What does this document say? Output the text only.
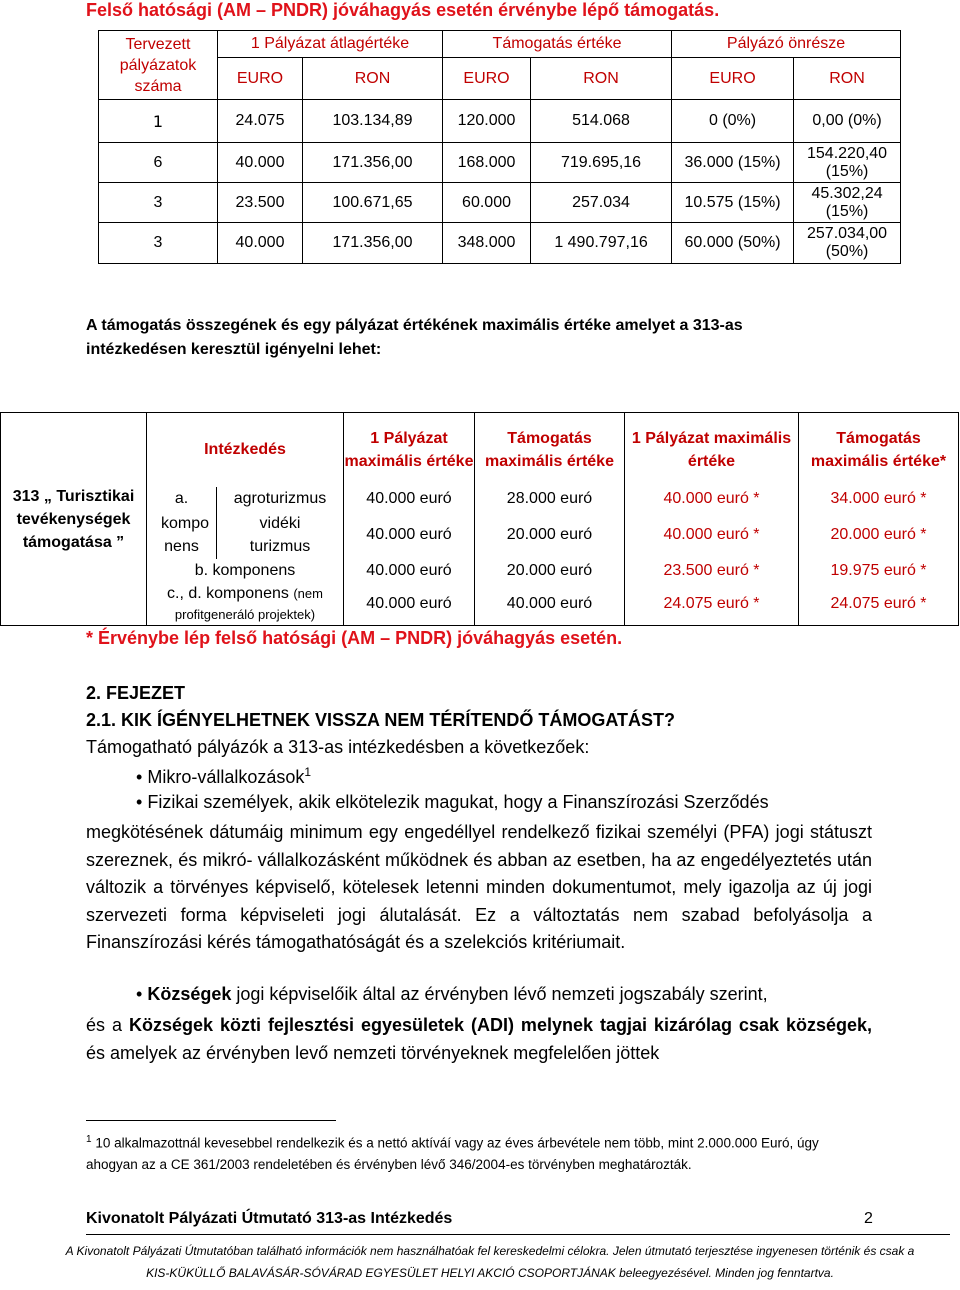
Felső hatósági (AM – PNDR) jóváhagyás esetén érvénybe lépő támogatás.
Tervezett pályázatok száma	1 Pályázat átlagértéke		Támogatás értéke		Pályázó önrésze	
	EURO	RON	EURO	RON	EURO	RON
1	24.075	103.134,89	120.000	514.068	0 (0%)	0,00 (0%)
6	40.000	171.356,00	168.000	719.695,16	36.000 (15%)	154.220,40 (15%)
3	23.500	100.671,65	60.000	257.034	10.575 (15%)	45.302,24 (15%)
3	40.000	171.356,00	348.000	1 490.797,16	60.000 (50%)	257.034,00 (50%)
A támogatás összegének és egy pályázat értékének maximális értéke amelyet a 313-as intézkedésen keresztül igényelni lehet:
313 „ Turisztikai tevékenységek támogatása ”	Intézkedés		1 Pályázat maximális értéke	Támogatás maximális értéke	1 Pályázat maximális értéke	Támogatás maximális értéke*
	a.	agroturizmus	40.000 euró	28.000 euró	40.000 euró *	34.000 euró *
	kompo nens	vidéki turizmus	40.000 euró	20.000 euró	40.000 euró *	20.000 euró *
	b. komponens		40.000 euró	20.000 euró	23.500 euró *	19.975 euró *
	c., d. komponens (nem profitgeneráló projektek)		40.000 euró	40.000 euró	24.075 euró *	24.075 euró *

* Érvénybe lép felső hatósági (AM – PNDR) jóváhagyás esetén.
2. FEJEZET
2.1. KIK ÍGÉNYELHETNEK VISSZA NEM TÉRÍTENDŐ TÁMOGATÁST?
Támogatható pályázók a 313-as intézkedésben a következőek:
• Mikro-vállalkozások$^1$
• Fizikai személyek, akik elkötelezik magukat, hogy a Finanszírozási Szerződés
megkötésének dátumáig minimum egy engedéllyel rendelkező fizikai személyi (PFA) jogi státuszt szereznek, és mikró- vállalkozásként működnek és abban az esetben, ha az engedélyeztetés után változik a törvényes képviselő, kötelesek letenni minden dokumentumot, mely igazolja az új jogi szervezeti forma képviseleti jogi álutalását. Ez a változtatás nem szabad befolyásolja a Finanszírozási kérés támogathatóságát és a szelekciós kritériumait.
• Községek jogi képviselőik által az érvényben lévő nemzeti jogszabály szerint,
és a Községek közti fejlesztési egyesületek (ADI) melynek tagjai kizárólag csak községek, és amelyek az érvényben levő nemzeti törvényeknek megfelelően jöttek
$^1$ 10 alkalmazottnál kevesebbel rendelkezik és a nettó aktíváí vagy az éves árbevétele nem több, mint 2.000.000 Euró, úgy ahogyan az a CE 361/2003 rendeletében és érvényben lévő 346/2004-es törvényben meghatározták.
Kivonatolt Pályázati Útmutató 313-as Intézkedés	2
A Kivonatolt Pályázati Útmutatóban található információk nem használhatóak fel kereskedelmi célokra. Jelen útmutató terjesztése ingyenesen történik és csak a
KIS-KÜKÜLLŐ BALAVÁSÁR-SÓVÁRAD EGYESÜLET HELYI AKCIÓ CSOPORTJÁNAK beleegyezésével. Minden jog fenntartva.
